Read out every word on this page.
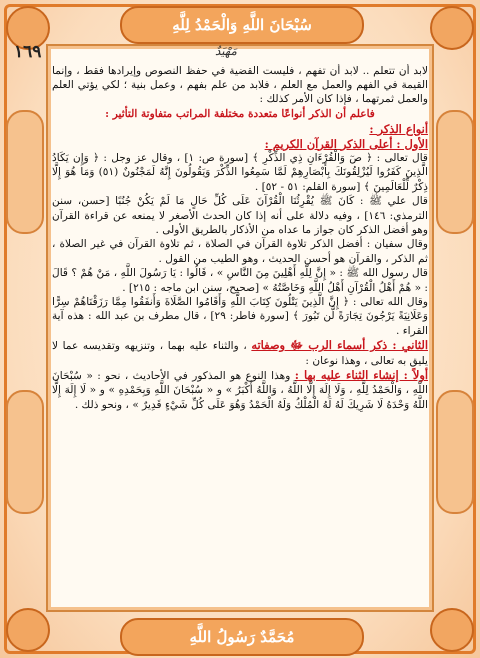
سُبْحَانَ اللَّهِ وَالْحَمْدُ لِلَّهِ
مُحَمَّدٌ رَسُولُ اللَّهِ
١٦٩	مَهْيَدٌ

لابد أن تتعلم .. لابد أن تفهم ، فليست القضية في حفظ النصوص وإيرادها فقط ، وإنما القيمة في الفهم والعمل مع العلم ، فلابد من علم بفهم ، وعمل بنية ؛ لكي يؤتي العلم والعمل ثمرتهما ، فإذا كان الأمر كذلك :

فاعلم أن الذكر أنواعًا متعددة مختلفة المراتب متفاوتة التأثير :

أنواع الذكر :

الأول : أعلى الذكر القرآن الكريم :

قال تعالى : ﴿ صٓ وَالْقُرْءَانِ ذِي الذِّكْرِ ﴾ [سورة ص: ١] ، وقال عز وجل : ﴿ وَإِن يَكَادُ الَّذِينَ كَفَرُوا لَيُزْلِقُونَكَ بِأَبْصَارِهِمْ لَمَّا سَمِعُوا الذِّكْرَ وَيَقُولُونَ إِنَّهُ لَمَجْنُونٌ (٥١) وَمَا هُوَ إِلَّا ذِكْرٌ لِّلْعَالَمِينَ ﴾ [سورة القلم: ٥١ - ٥٢] .

قال علي ﷺ : كَانَ ﷺ يُقْرِئُنَا الْقُرْآنَ عَلَى كُلِّ حَالٍ مَا لَمْ يَكُنْ جُنُبًا [حسن، سنن الترمذي: ١٤٦] ، وفيه دلالة على أنه إذا كان الحدث الأصغر لا يمنعه عن قراءة القرآن وهو أفضل الذكر كان جواز ما عداه من الأذكار بالطريق الأولى .

وقال سفيان : أفضل الذكر تلاوة القرآن في الصلاة ، ثم تلاوة القرآن في غير الصلاة ، ثم الذكر ، والقرآن هو أحسن الحديث ، وهو الطيب من القول .

قال رسول الله ﷺ : « إِنَّ لِلَّهِ أَهْلِينَ مِنَ النَّاسِ » ، قَالُوا : يَا رَسُولَ اللَّهِ ، مَنْ هُمْ ؟ قَالَ : « هُمْ أَهْلُ الْقُرْآنِ أَهْلُ اللَّهِ وَخَاصَّتُهُ » [صحيح، سنن ابن ماجه : ٢١٥] .

وقال الله تعالى : ﴿ إِنَّ الَّذِينَ يَتْلُونَ كِتَابَ اللَّهِ وَأَقَامُوا الصَّلَاةَ وَأَنفَقُوا مِمَّا رَزَقْنَاهُمْ سِرًّا وَعَلَانِيَةً يَرْجُونَ تِجَارَةً لَّن تَبُورَ ﴾ [سورة فاطر: ٢٩] ، قال مطرف بن عبد الله : هذه آية القراء .

الثاني : ذكر أسماء الرب ﷻ وصفاته ، والثناء عليه بهما ، وتنزيهه وتقديسه عما لا يليق به تعالى ، وهذا نوعان :

أولاً : إنشاء الثناء عليه بها : وهذا النوع هو المذكور في الأحاديث ، نحو : « سُبْحَانَ اللَّهِ ، وَالْحَمْدُ لِلَّهِ ، وَلَا إِلَهَ إِلَّا اللَّهُ ، وَاللَّهُ أَكْبَرُ » و « سُبْحَانَ اللَّهِ وَبِحَمْدِهِ » و « لَا إِلَهَ إِلَّا اللَّهُ وَحْدَهُ لَا شَرِيكَ لَهُ لَهُ الْمُلْكُ وَلَهُ الْحَمْدُ وَهُوَ عَلَى كُلِّ شَيْءٍ قَدِيرٌ » ، ونحو ذلك .
